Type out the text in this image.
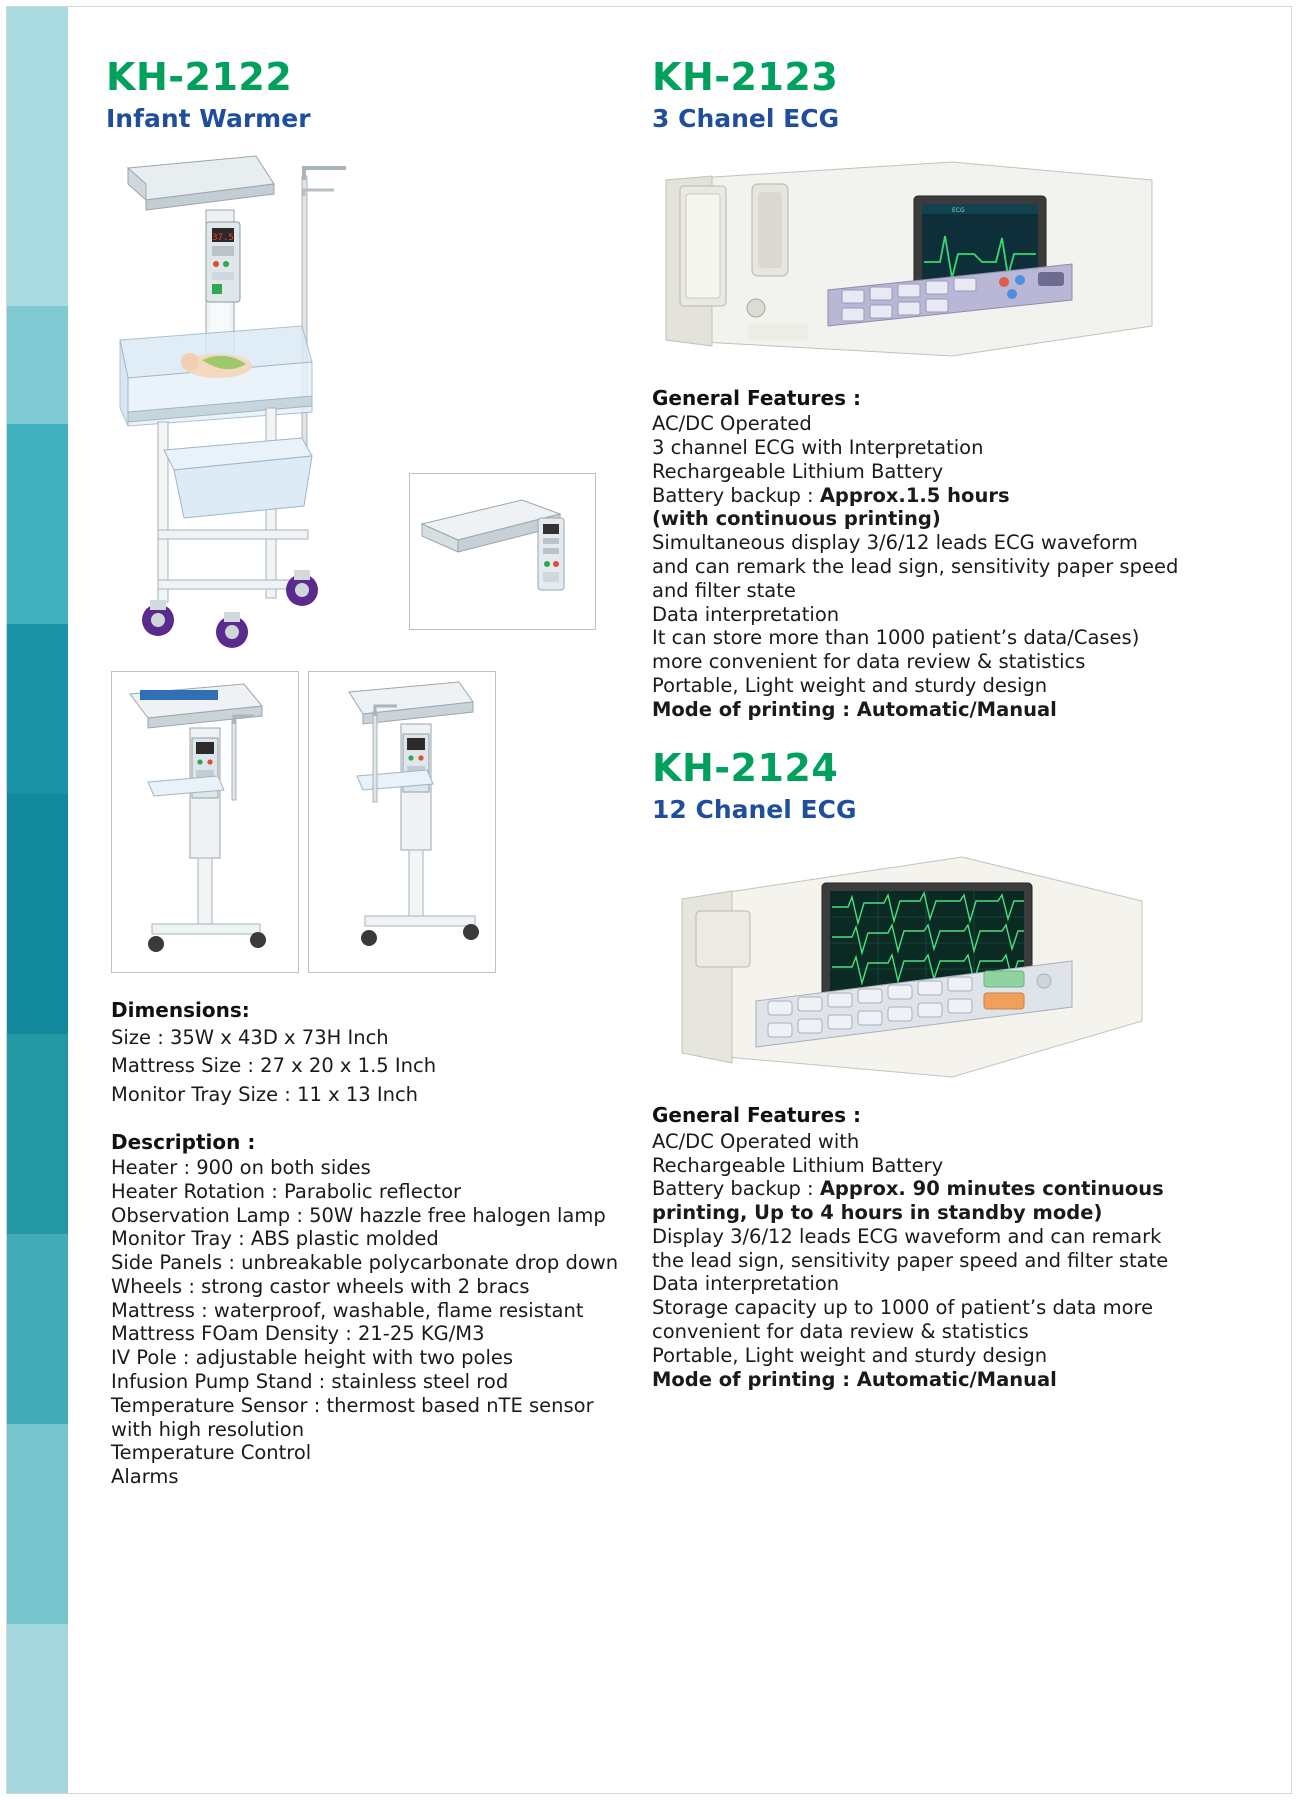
KH-2122
Infant Warmer
37.5
Dimensions:

Size : 35W x 43D x 73H Inch

Mattress Size : 27 x 20 x 1.5 Inch

Monitor Tray Size : 11 x 13 Inch

Description :

Heater : 900 on both sides

Heater Rotation : Parabolic reflector

Observation Lamp : 50W hazzle free halogen lamp

Monitor Tray : ABS plastic molded

Side Panels : unbreakable polycarbonate drop down

Wheels : strong castor wheels with 2 bracs

Mattress : waterproof, washable, flame resistant

Mattress FOam Density : 21-25 KG/M3

IV Pole : adjustable height with two poles

Infusion Pump Stand : stainless steel rod

Temperature Sensor : thermost based nTE sensor

with high resolution

Temperature Control

Alarms

KH-2123
3 Chanel ECG
ECG
General Features :

AC/DC Operated

3 channel ECG with Interpretation

Rechargeable Lithium Battery

Battery backup : Approx.1.5 hours

(with continuous printing)

Simultaneous display 3/6/12 leads ECG waveform

and can remark the lead sign, sensitivity paper speed

and filter state

Data interpretation

It can store more than 1000 patient’s data/Cases)

more convenient for data review & statistics

Portable, Light weight and sturdy design

Mode of printing : Automatic/Manual

KH-2124
12 Chanel ECG
General Features :

AC/DC Operated with

Rechargeable Lithium Battery

Battery backup : Approx. 90 minutes continuous

printing, Up to 4 hours in standby mode)

Display 3/6/12 leads ECG waveform and can remark

the lead sign, sensitivity paper speed and filter state

Data interpretation

Storage capacity up to 1000 of patient’s data more

convenient for data review & statistics

Portable, Light weight and sturdy design

Mode of printing : Automatic/Manual
